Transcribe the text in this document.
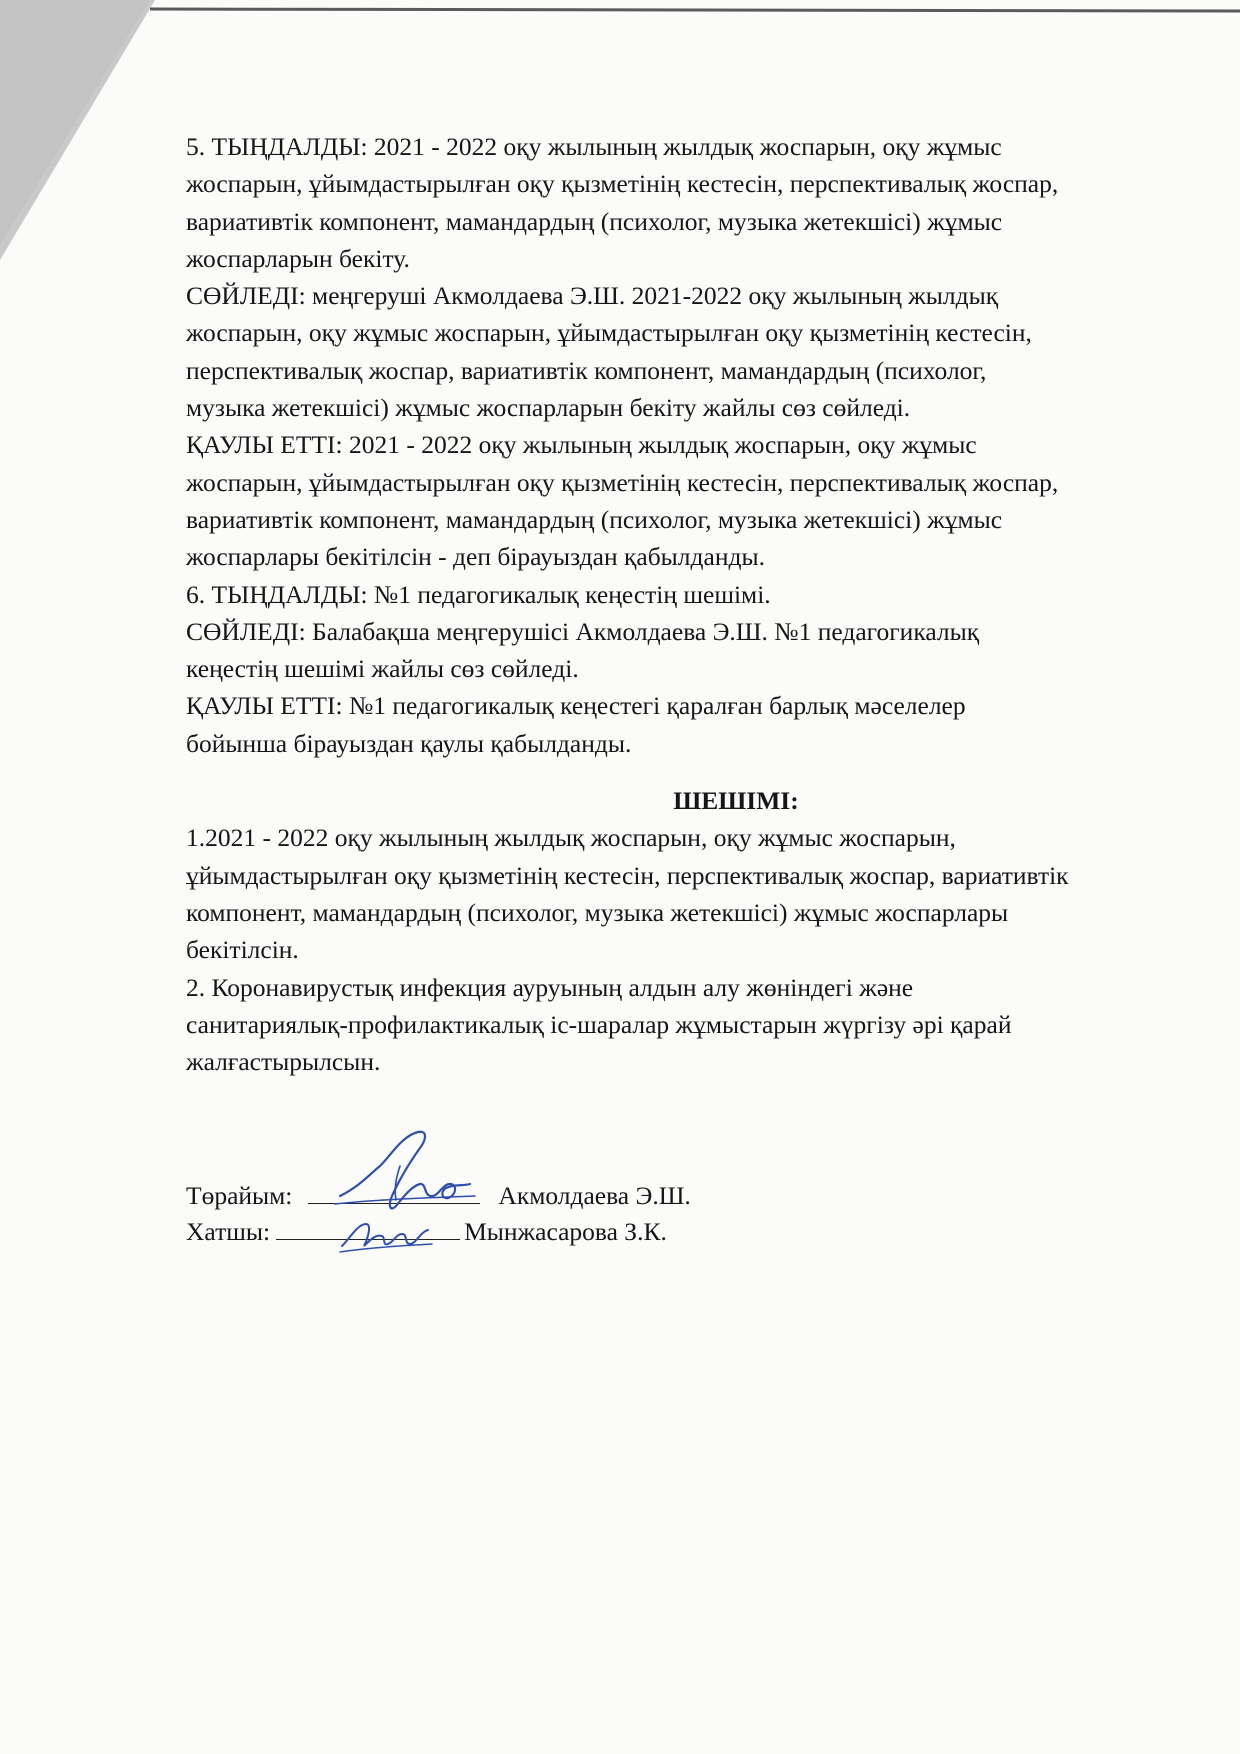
5. ТЫҢДАЛДЫ: 2021 - 2022 оқу жылының жылдық жоспарын, оқу жұмыс

жоспарын, ұйымдастырылған оқу қызметінің кестесін, перспективалық жоспар,

вариативтік компонент, мамандардың (психолог, музыка жетекшісі) жұмыс

жоспарларын бекіту.

СӨЙЛЕДІ: меңгеруші Акмолдаева Э.Ш. 2021-2022 оқу жылының жылдық

жоспарын, оқу жұмыс жоспарын, ұйымдастырылған оқу қызметінің кестесін,

перспективалық жоспар, вариативтік компонент, мамандардың (психолог,

музыка жетекшісі) жұмыс жоспарларын бекіту жайлы сөз сөйледі.

ҚАУЛЫ ЕТТІ: 2021 - 2022 оқу жылының жылдық жоспарын, оқу жұмыс

жоспарын, ұйымдастырылған оқу қызметінің кестесін, перспективалық жоспар,

вариативтік компонент, мамандардың (психолог, музыка жетекшісі) жұмыс

жоспарлары бекітілсін - деп бірауыздан қабылданды.

6. ТЫҢДАЛДЫ: №1 педагогикалық кеңестің шешімі.

СӨЙЛЕДІ: Балабақша меңгерушісі Акмолдаева Э.Ш. №1 педагогикалық

кеңестің шешімі жайлы сөз сөйледі.

ҚАУЛЫ ЕТТІ: №1 педагогикалық кеңестегі қаралған барлық мәселелер

бойынша бірауыздан қаулы қабылданды.

ШЕШІМІ:

1.2021 - 2022 оқу жылының жылдық жоспарын, оқу жұмыс жоспарын,

ұйымдастырылған оқу қызметінің кестесін, перспективалық жоспар, вариативтік

компонент, мамандардың (психолог, музыка жетекшісі) жұмыс жоспарлары

бекітілсін.

2. Коронавирустық инфекция ауруының алдын алу жөніндегі және

санитариялық-профилактикалық іс-шаралар жұмыстарын жүргізу әрі қарай

жалғастырылсын.

Төрайым:	Акмолдаева Э.Ш.
Хатшы:	Мынжасарова З.К.
